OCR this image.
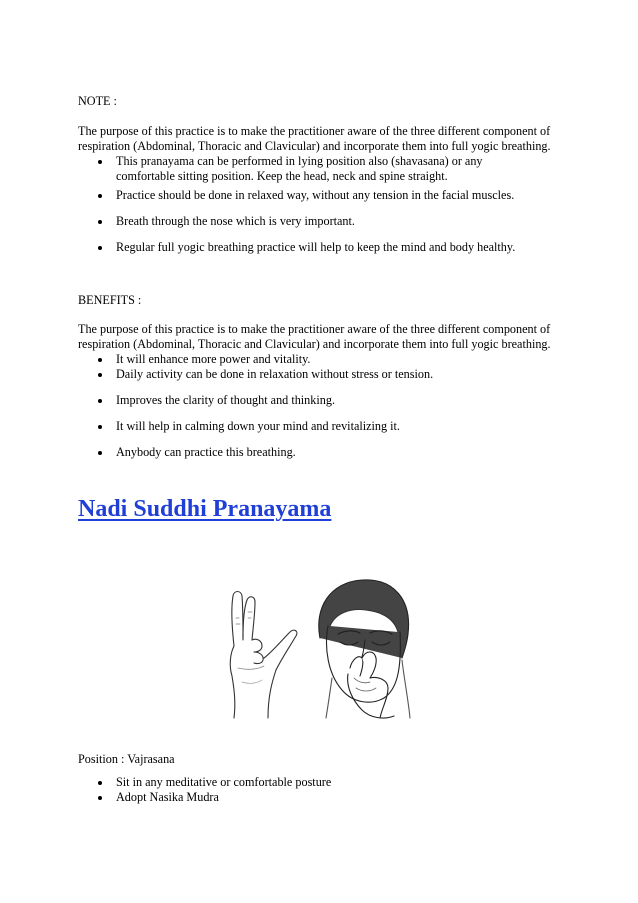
NOTE :

The purpose of this practice is to make the practitioner aware of the three different component of respiration (Abdominal, Thoracic and Clavicular) and incorporate them into full yogic breathing.

This pranayama can be performed in lying position also (shavasana) or any comfortable sitting position. Keep the head, neck and spine straight.
Practice should be done in relaxed way, without any tension in the facial muscles.
Breath through the nose which is very important.
Regular full yogic breathing practice will help to keep the mind and body healthy.

BENEFITS :

The purpose of this practice is to make the practitioner aware of the three different component of respiration (Abdominal, Thoracic and Clavicular) and incorporate them into full yogic breathing.

It will enhance more power and vitality.
Daily activity can be done in relaxation without stress or tension.
Improves the clarity of thought and thinking.
It will help in calming down your mind and revitalizing it.
Anybody can practice this breathing.
Nadi Suddhi Pranayama

Position : Vajrasana

Sit in any meditative or comfortable posture
Adopt Nasika Mudra
